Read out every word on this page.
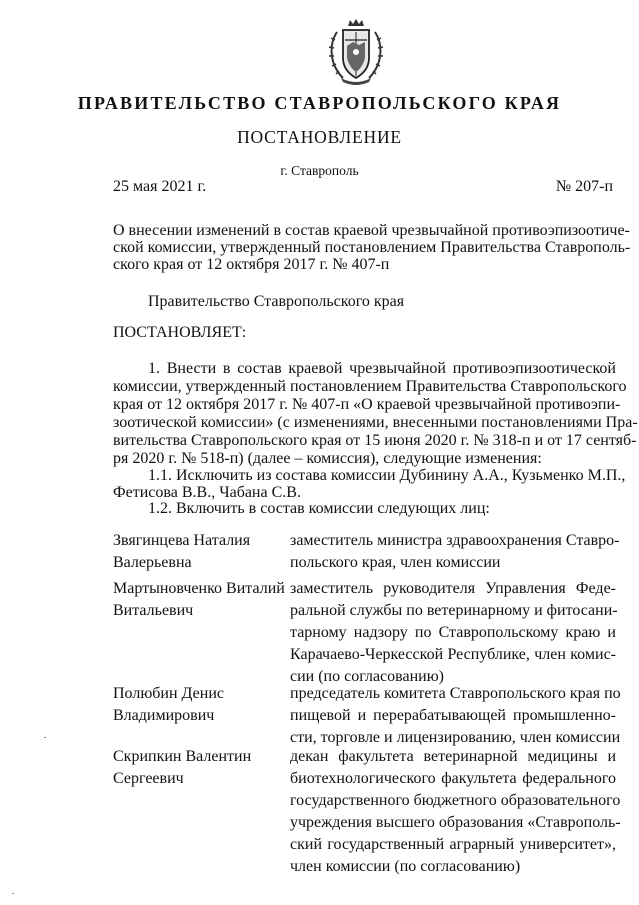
ПРАВИТЕЛЬСТВО СТАВРОПОЛЬСКОГО КРАЯ
ПОСТАНОВЛЕНИЕ
г. Ставрополь
25 мая 2021 г.	№ 207-п
О внесении изменений в состав краевой чрезвычайной противоэпизоотиче-
ской комиссии, утвержденный постановлением Правительства Ставрополь-
ского края от 12 октября 2017 г. № 407-п
Правительство Ставропольского края
ПОСТАНОВЛЯЕТ:
1. Внести в состав краевой чрезвычайной противоэпизоотической
комиссии, утвержденный постановлением Правительства Ставропольского
края от 12 октября 2017 г. № 407-п «О краевой чрезвычайной противоэпи-
зоотической комиссии» (с изменениями, внесенными постановлениями Пра-
вительства Ставропольского края от 15 июня 2020 г. № 318-п и от 17 сентяб-
ря 2020 г. № 518-п) (далее – комиссия), следующие изменения:
1.1. Исключить из состава комиссии Дубинину А.А., Кузьменко М.П.,
Фетисова В.В., Чабана С.В.
1.2. Включить в состав комиссии следующих лиц:
Звягинцева Наталия
Валерьевна
заместитель министра здравоохранения Ставро-
польского края, член комиссии
Мартыновченко Виталий
Витальевич
заместитель руководителя Управления Феде-
ральной службы по ветеринарному и фитосани-
тарному надзору по Ставропольскому краю и
Карачаево-Черкесской Республике, член комис-
сии (по согласованию)
Полюбин Денис
Владимирович
председатель комитета Ставропольского края по
пищевой и перерабатывающей промышленно-
сти, торговле и лицензированию, член комиссии
Скрипкин Валентин
Сергеевич
декан факультета ветеринарной медицины и
биотехнологического факультета федерального
государственного бюджетного образовательного
учреждения высшего образования «Ставрополь-
ский государственный аграрный университет»,
член комиссии (по согласованию)
